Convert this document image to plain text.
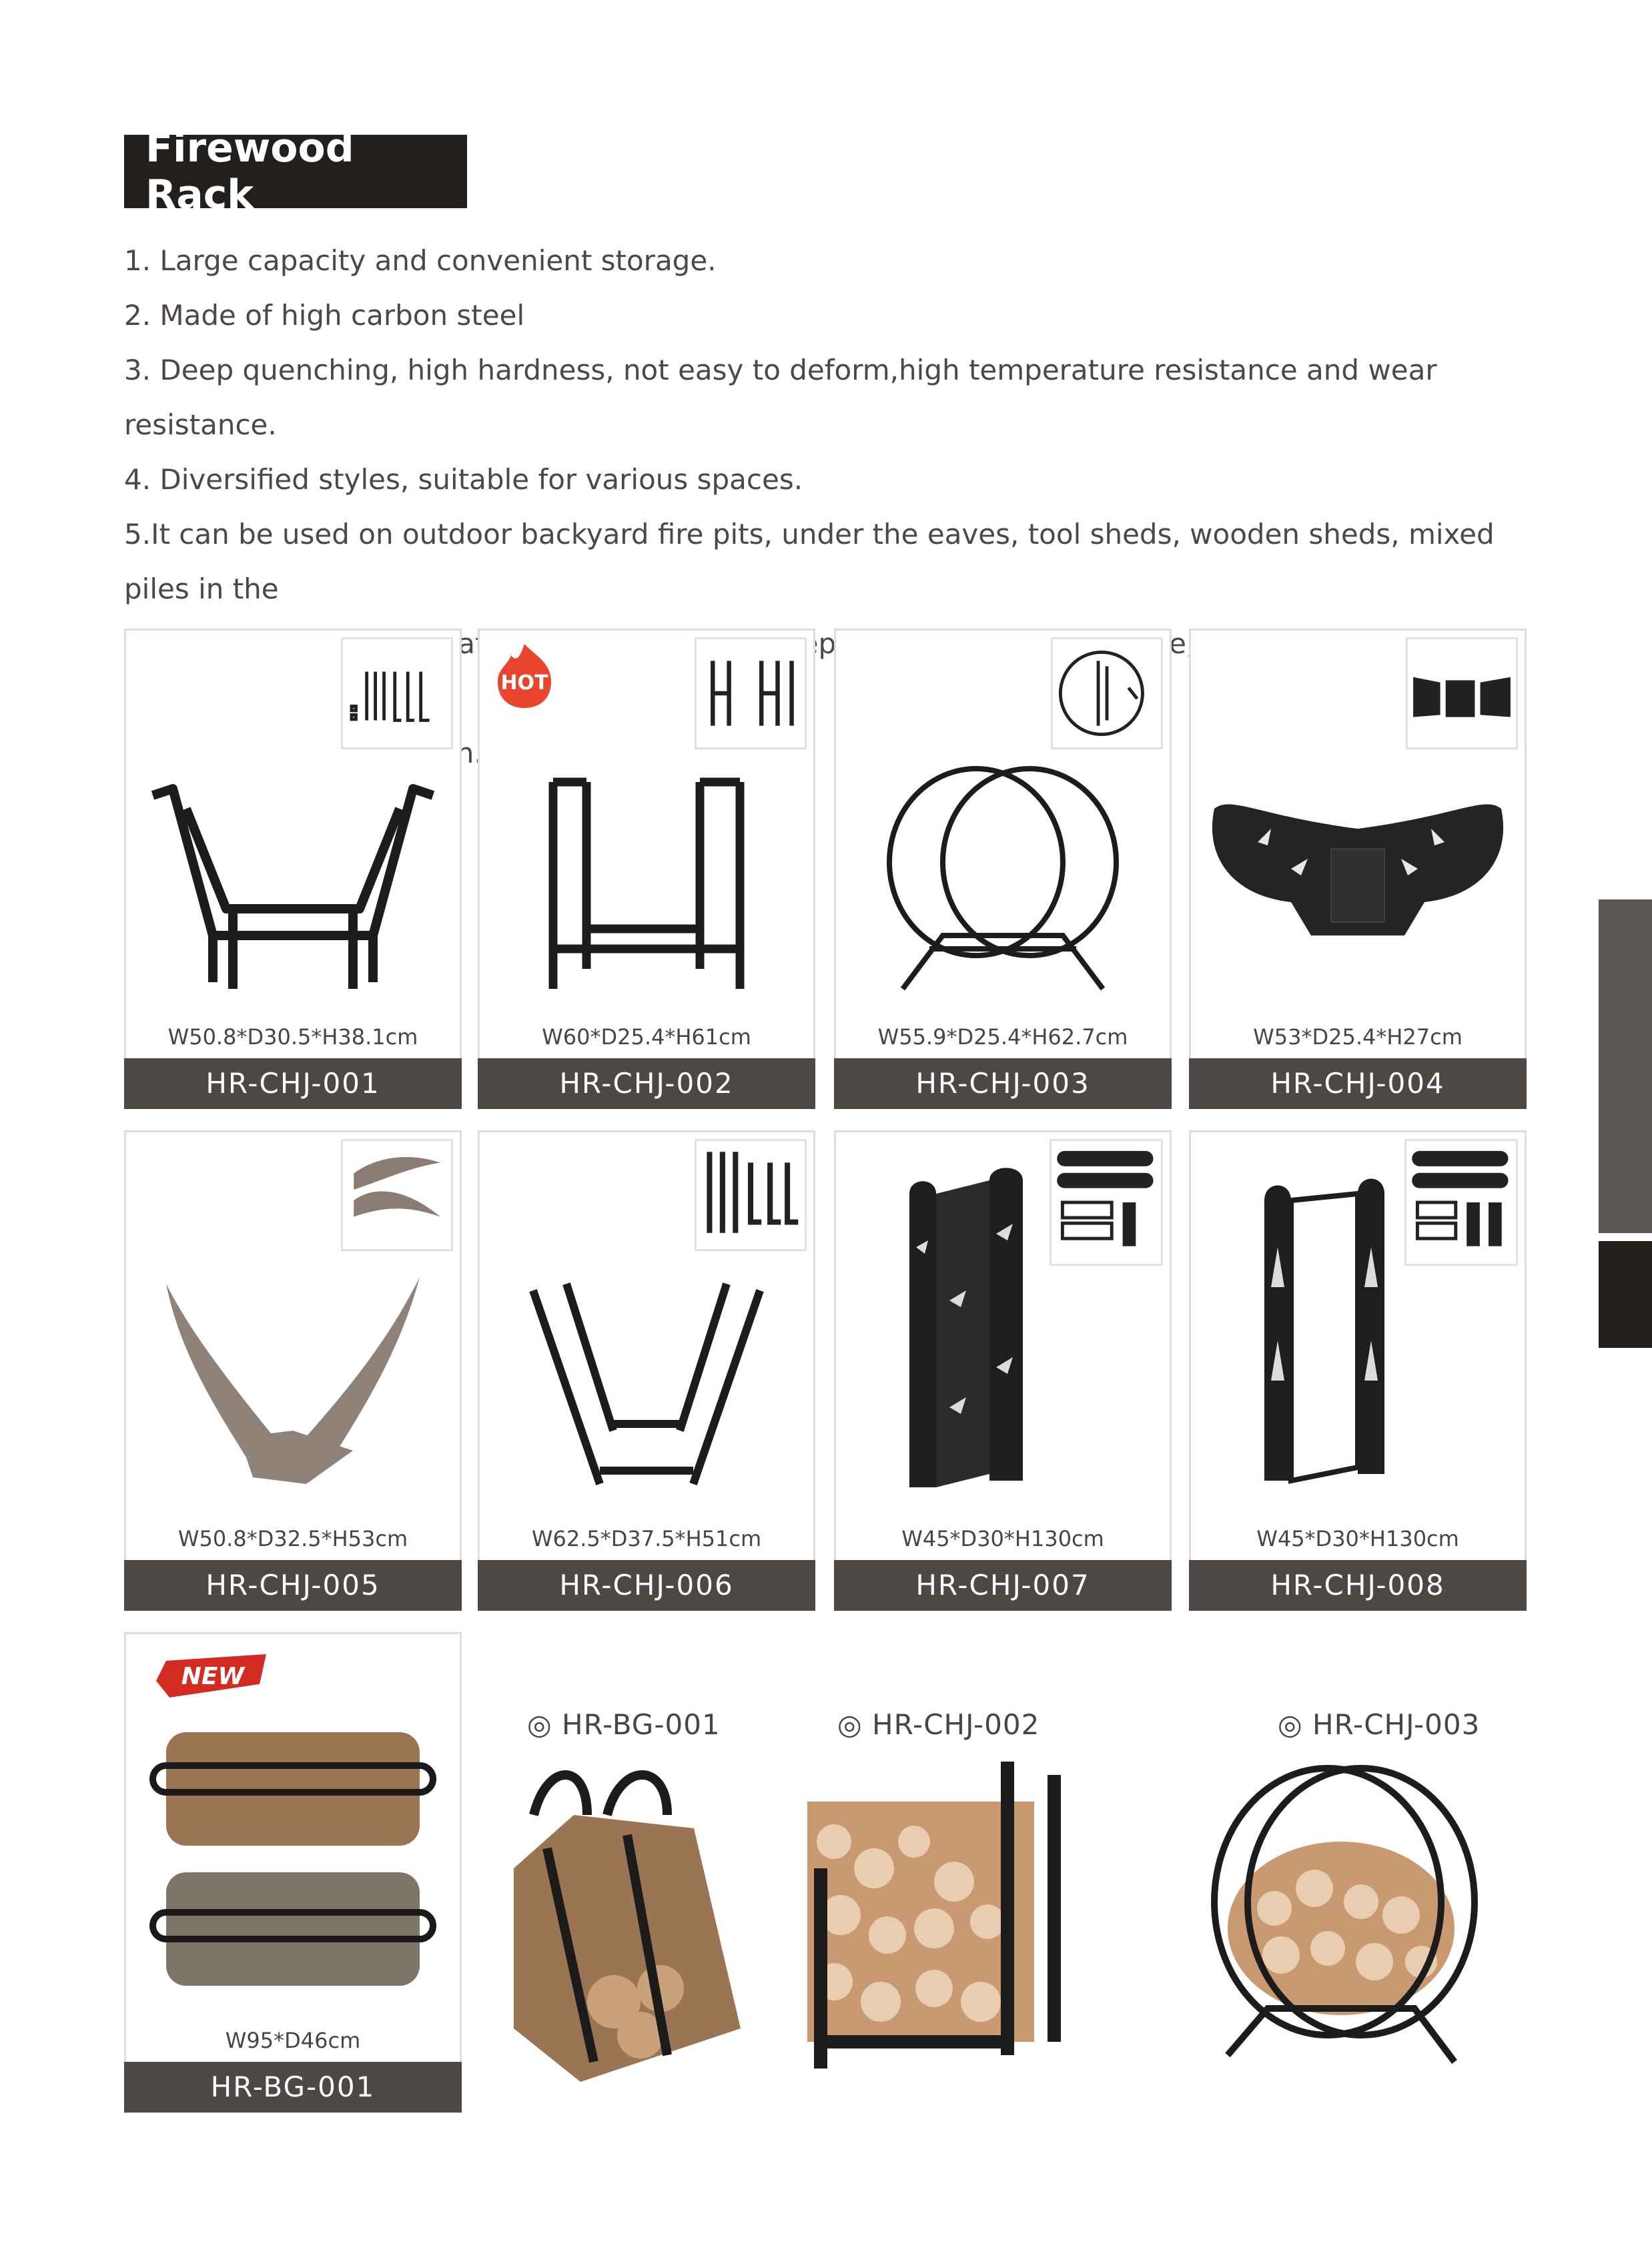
Firewood Rack

1. Large capacity and convenient storage.

2. Made of high carbon steel

3. Deep quenching, high hardness, not easy to deform,high temperature resistance and wear resistance.

4. Diversified styles, suitable for various spaces.

5.It can be used on outdoor backyard fire pits, under the eaves, tool sheds, wooden sheds, mixed piles in the

fireplace

W50.8*D30.5*H38.1cm
HR-CHJ-001
HOT
W60*D25.4*H61cm
HR-CHJ-002
W55.9*D25.4*H62.7cm
HR-CHJ-003
W53*D25.4*H27cm
HR-CHJ-004
W50.8*D32.5*H53cm
HR-CHJ-005
W62.5*D37.5*H51cm
HR-CHJ-006
W45*D30*H130cm
HR-CHJ-007
W45*D30*H130cm
HR-CHJ-008
NEW
W95*D46cm
HR-BG-001
◎ HR-BG-001	◎ HR-CHJ-002	◎ HR-CHJ-003
